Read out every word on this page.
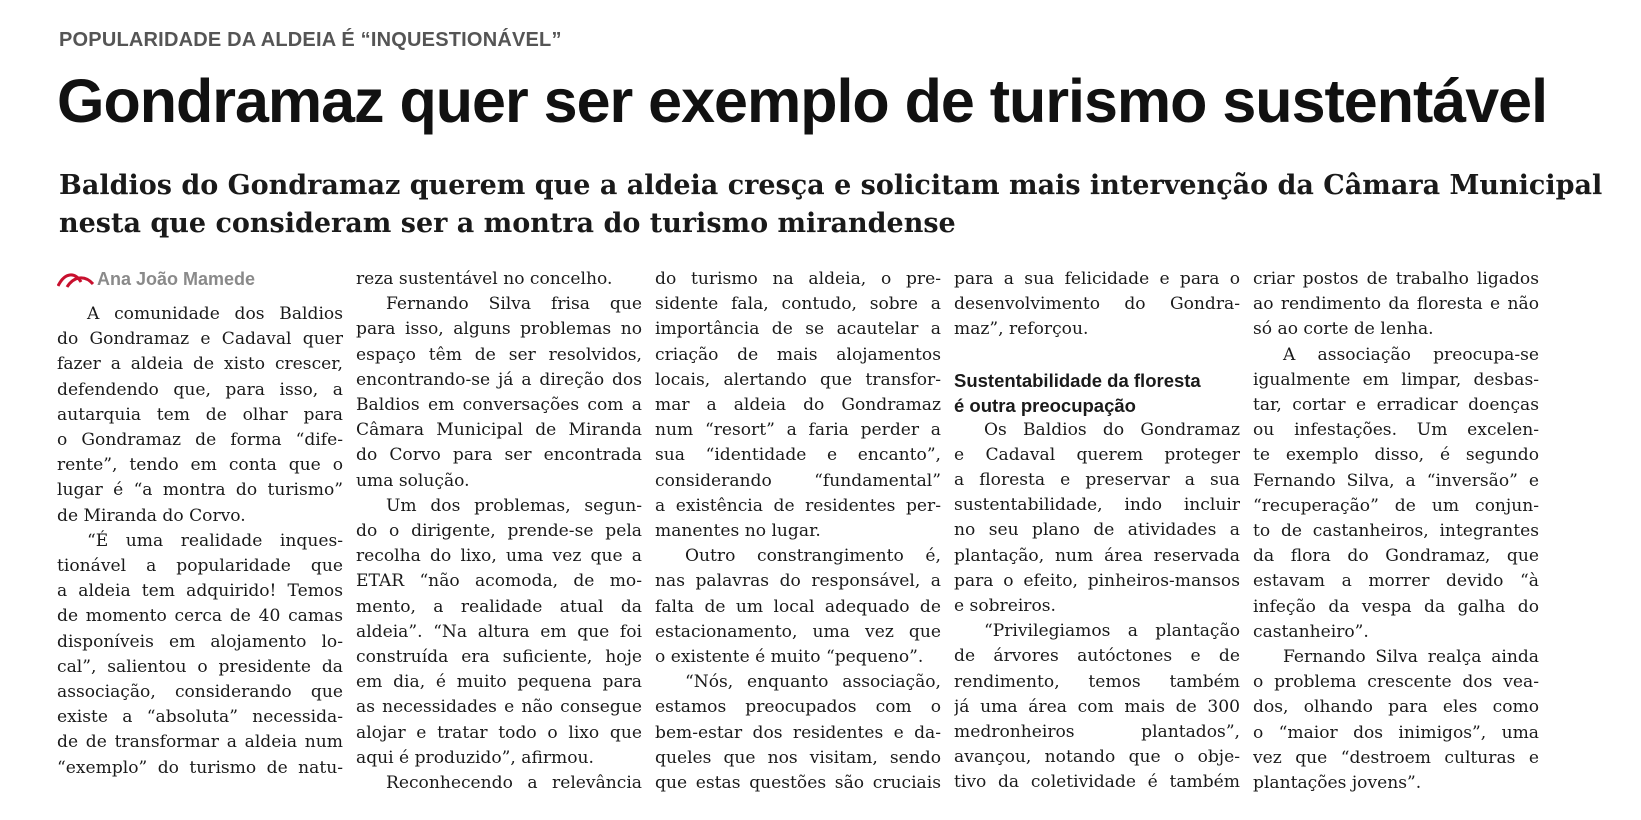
POPULARIDADE DA ALDEIA É “INQUESTIONÁVEL”
Gondramaz quer ser exemplo de turismo sustentável

Baldios do Gondramaz querem que a aldeia cresça e solicitam mais intervenção da Câmara Municipal nesta que consideram ser a montra do turismo mirandense

Ana João Mamede
A comunidade dos Baldios
do Gondramaz e Cadaval quer
fazer a aldeia de xisto crescer,
defendendo que, para isso, a
autarquia tem de olhar para
o Gondramaz de forma “dife-
rente”, tendo em conta que o
lugar é “a montra do turismo”
de Miranda do Corvo.
“É uma realidade inques-
tionável a popularidade que
a aldeia tem adquirido! Temos
de momento cerca de 40 camas
disponíveis em alojamento lo-
cal”, salientou o presidente da
associação, considerando que
existe a “absoluta” necessida-
de de transformar a aldeia num
“exemplo” do turismo de natu-
reza sustentável no concelho.
Fernando Silva frisa que
para isso, alguns problemas no
espaço têm de ser resolvidos,
encontrando-se já a direção dos
Baldios em conversações com a
Câmara Municipal de Miranda
do Corvo para ser encontrada
uma solução.
Um dos problemas, segun-
do o dirigente, prende-se pela
recolha do lixo, uma vez que a
ETAR “não acomoda, de mo-
mento, a realidade atual da
aldeia”. “Na altura em que foi
construída era suficiente, hoje
em dia, é muito pequena para
as necessidades e não consegue
alojar e tratar todo o lixo que
aqui é produzido”, afirmou.
Reconhecendo a relevância
do turismo na aldeia, o pre-
sidente fala, contudo, sobre a
importância de se acautelar a
criação de mais alojamentos
locais, alertando que transfor-
mar a aldeia do Gondramaz
num “resort” a faria perder a
sua “identidade e encanto”,
considerando “fundamental”
a existência de residentes per-
manentes no lugar.
Outro constrangimento é,
nas palavras do responsável, a
falta de um local adequado de
estacionamento, uma vez que
o existente é muito “pequeno”.
“Nós, enquanto associação,
estamos preocupados com o
bem-estar dos residentes e da-
queles que nos visitam, sendo
que estas questões são cruciais
para a sua felicidade e para o
desenvolvimento do Gondra-
maz”, reforçou.
Sustentabilidade da floresta
é outra preocupação
Os Baldios do Gondramaz
e Cadaval querem proteger
a floresta e preservar a sua
sustentabilidade, indo incluir
no seu plano de atividades a
plantação, num área reservada
para o efeito, pinheiros-mansos
e sobreiros.
“Privilegiamos a plantação
de árvores autóctones e de
rendimento, temos também
já uma área com mais de 300
medronheiros plantados”,
avançou, notando que o obje-
tivo da coletividade é também
criar postos de trabalho ligados
ao rendimento da floresta e não
só ao corte de lenha.
A associação preocupa-se
igualmente em limpar, desbas-
tar, cortar e erradicar doenças
ou infestações. Um excelen-
te exemplo disso, é segundo
Fernando Silva, a “inversão” e
“recuperação” de um conjun-
to de castanheiros, integrantes
da flora do Gondramaz, que
estavam a morrer devido “à
infeção da vespa da galha do
castanheiro”.
Fernando Silva realça ainda
o problema crescente dos vea-
dos, olhando para eles como
o “maior dos inimigos”, uma
vez que “destroem culturas e
plantações jovens”.
